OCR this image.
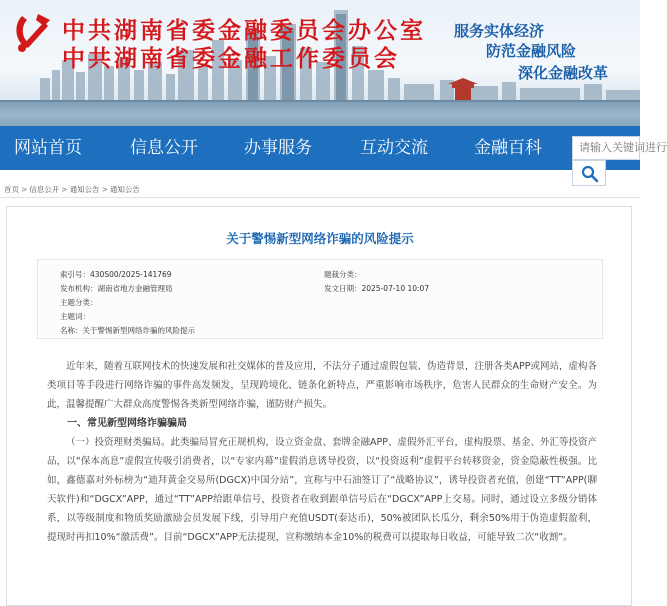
中共湖南省委金融委员会办公室
中共湖南省委金融工作委员会
服务实体经济
防范金融风险
深化金融改革
网站首页	信息公开	办事服务	互动交流	金融百科	请输入关键词进行
首页 > 信息公开 > 通知公告 > 通知公告
关于警惕新型网络诈骗的风险提示
索引号：430S00/2025-141769	题裁分类：
发布机构：湖南省地方金融管理局	发文日期：2025-07-10 10:07
主题分类：
主题词：
名称：关于警惕新型网络诈骗的风险提示

近年来，随着互联网技术的快速发展和社交媒体的普及应用，不法分子通过虚假包装、伪造背景，注册各类APP或网站，虚构各类项目等手段进行网络诈骗的事件高发频发，呈现跨境化、链条化新特点，严重影响市场秩序，危害人民群众的生命财产安全。为此，温馨提醒广大群众高度警惕各类新型网络诈骗，谨防财产损失。

一、常见新型网络诈骗骗局

（一）投资理财类骗局。此类骗局冒充正规机构，设立资金盘、套牌金融APP、虚假外汇平台，虚构股票、基金、外汇等投资产品，以“保本高息”虚假宣传吸引消费者，以“专家内幕”虚假消息诱导投资，以“投资返利”虚假平台转移资金，资金隐蔽性极强。比如，鑫德嘉对外标榜为“迪拜黄金交易所(DGCX)中国分站”，宣称与中石油签订了“战略协议”，诱导投资者充值，创建“TT”APP(聊天软件)和“DGCX”APP，通过“TT”APP给跟单信号，投资者在收到跟单信号后在“DGCX”APP上交易。同时，通过设立多级分销体系，以等级制度和物质奖励激励会员发展下线，引导用户充值USDT(泰达币)，50%被团队长瓜分，剩余50%用于伪造虚假盈利，提现时再扣10%“激活费”。目前“DGCX”APP无法提现，宣称缴纳本金10%的税费可以提取每日收益，可能导致二次“收割”。
